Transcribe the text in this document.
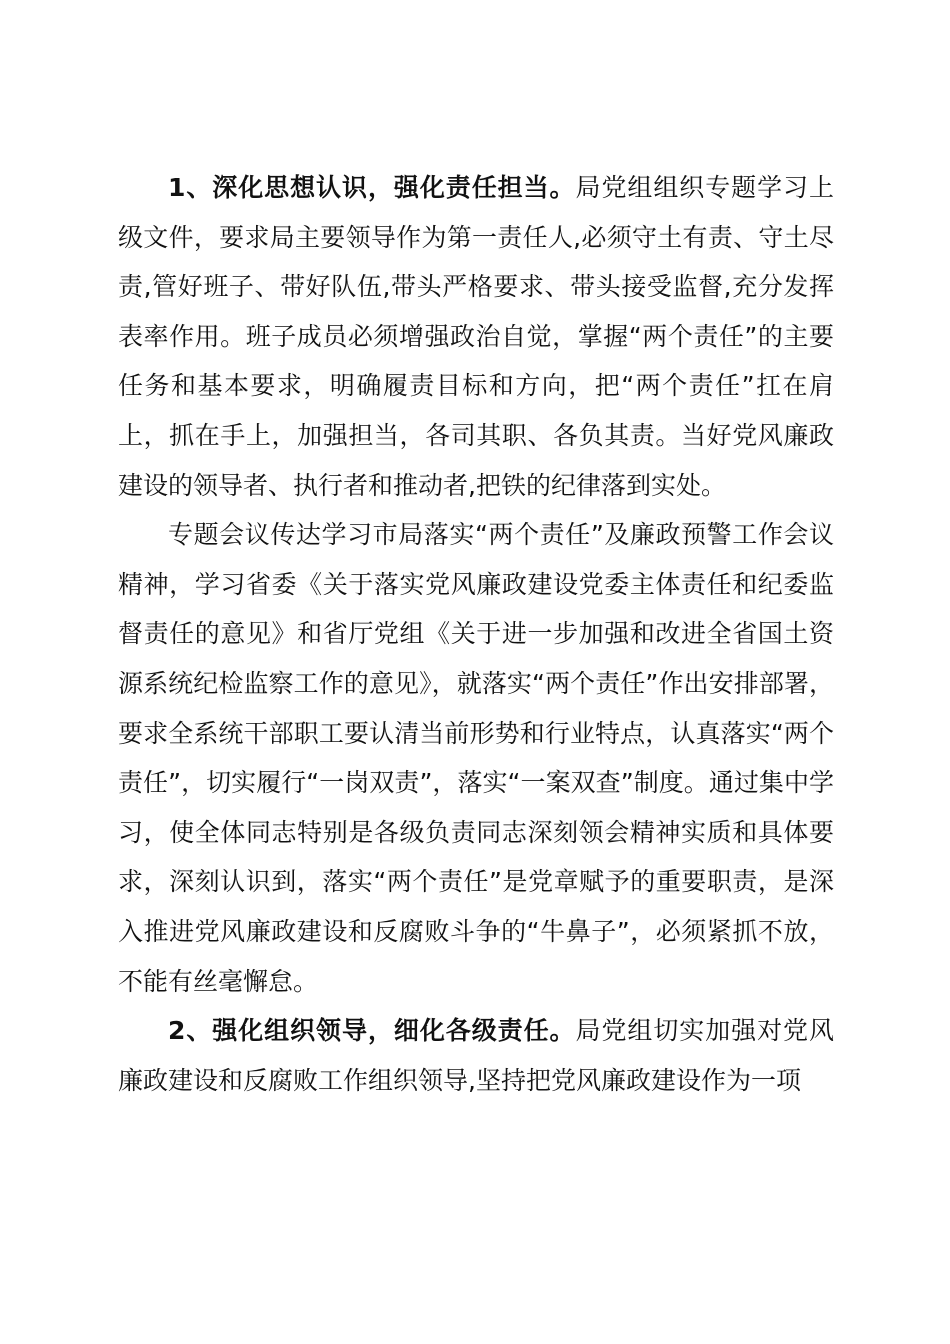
1、深化思想认识，强化责任担当。局党组组织专题学习上级文件，要求局主要领导作为第一责任人,必须守土有责、守土尽责,管好班子、带好队伍,带头严格要求、带头接受监督,充分发挥表率作用。班子成员必须增强政治自觉，掌握“两个责任”的主要任务和基本要求，明确履责目标和方向，把“两个责任”扛在肩上，抓在手上，加强担当，各司其职、各负其责。当好党风廉政建设的领导者、执行者和推动者,把铁的纪律落到实处。

专题会议传达学习市局落实“两个责任”及廉政预警工作会议精神，学习省委《关于落实党风廉政建设党委主体责任和纪委监督责任的意见》和省厅党组《关于进一步加强和改进全省国土资源系统纪检监察工作的意见》，就落实“两个责任”作出安排部署，要求全系统干部职工要认清当前形势和行业特点，认真落实“两个责任”，切实履行“一岗双责”，落实“一案双查”制度。通过集中学习，使全体同志特别是各级负责同志深刻领会精神实质和具体要求，深刻认识到，落实“两个责任”是党章赋予的重要职责，是深入推进党风廉政建设和反腐败斗争的“牛鼻子”，必须紧抓不放，不能有丝毫懈怠。

2、强化组织领导，细化各级责任。局党组切实加强对党风廉政建设和反腐败工作组织领导,坚持把党风廉政建设作为一项
